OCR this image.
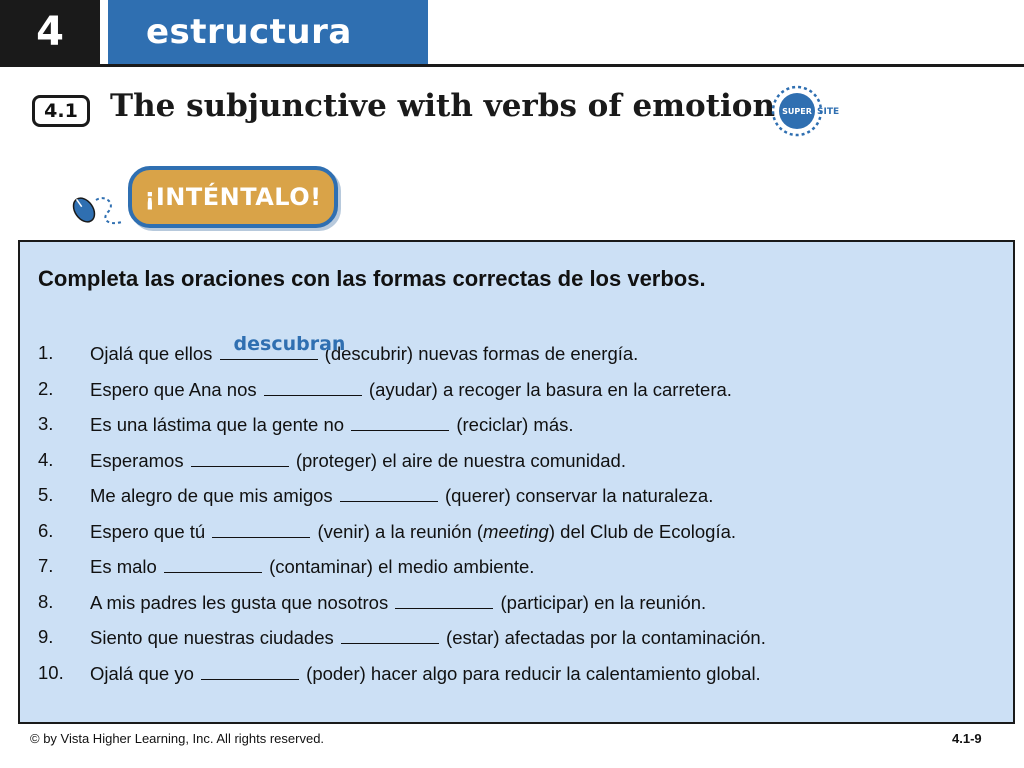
4	estructura
4.1	The subjunctive with verbs of emotion SUPER SITE
¡INTÉNTALO!
Completa las oraciones con las formas correctas de los verbos.
1.	Ojalá que ellos descubran
(descubrir) nuevas formas de energía.
2.	Espero que Ana nos	(ayudar) a recoger la basura en la carretera.
3.	Es una lástima que la gente no	(reciclar) más.
4.	Esperamos	(proteger) el aire de nuestra comunidad.
5.	Me alegro de que mis amigos	(querer) conservar la naturaleza.
6.	Espero que tú	(venir) a la reunión (meeting) del Club de Ecología.
7.	Es malo	(contaminar) el medio ambiente.
8.	A mis padres les gusta que nosotros	(participar) en la reunión.
9.	Siento que nuestras ciudades	(estar) afectadas por la contaminación.
10.	Ojalá que yo	(poder) hacer algo para reducir la calentamiento global.
© by Vista Higher Learning, Inc. All rights reserved.	4.1-9
